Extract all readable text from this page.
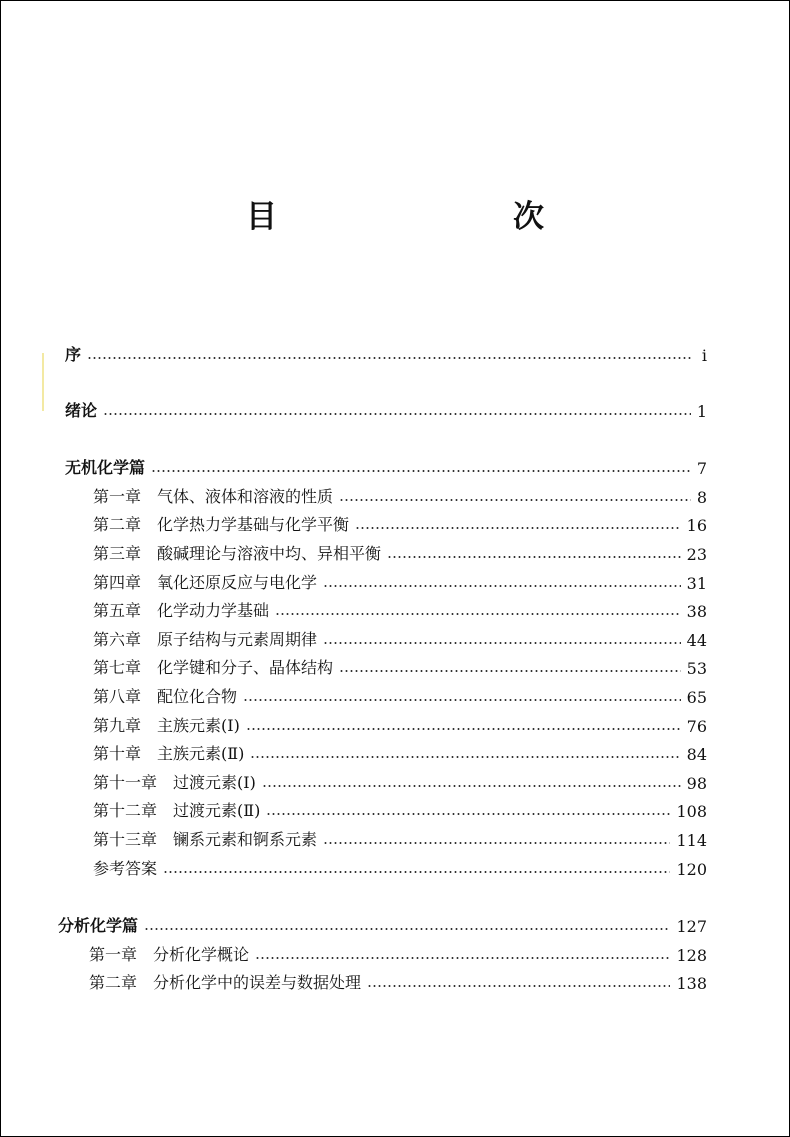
目　　次
序	i
绪论	1
无机化学篇	7
第一章　气体、液体和溶液的性质	8
第二章　化学热力学基础与化学平衡	16
第三章　酸碱理论与溶液中均、异相平衡	23
第四章　氧化还原反应与电化学	31
第五章　化学动力学基础	38
第六章　原子结构与元素周期律	44
第七章　化学键和分子、晶体结构	53
第八章　配位化合物	65
第九章　主族元素(Ⅰ)	76
第十章　主族元素(Ⅱ)	84
第十一章　过渡元素(Ⅰ)	98
第十二章　过渡元素(Ⅱ)	108
第十三章　镧系元素和锕系元素	114
参考答案	120
分析化学篇	127
第一章　分析化学概论	128
第二章　分析化学中的误差与数据处理	138
